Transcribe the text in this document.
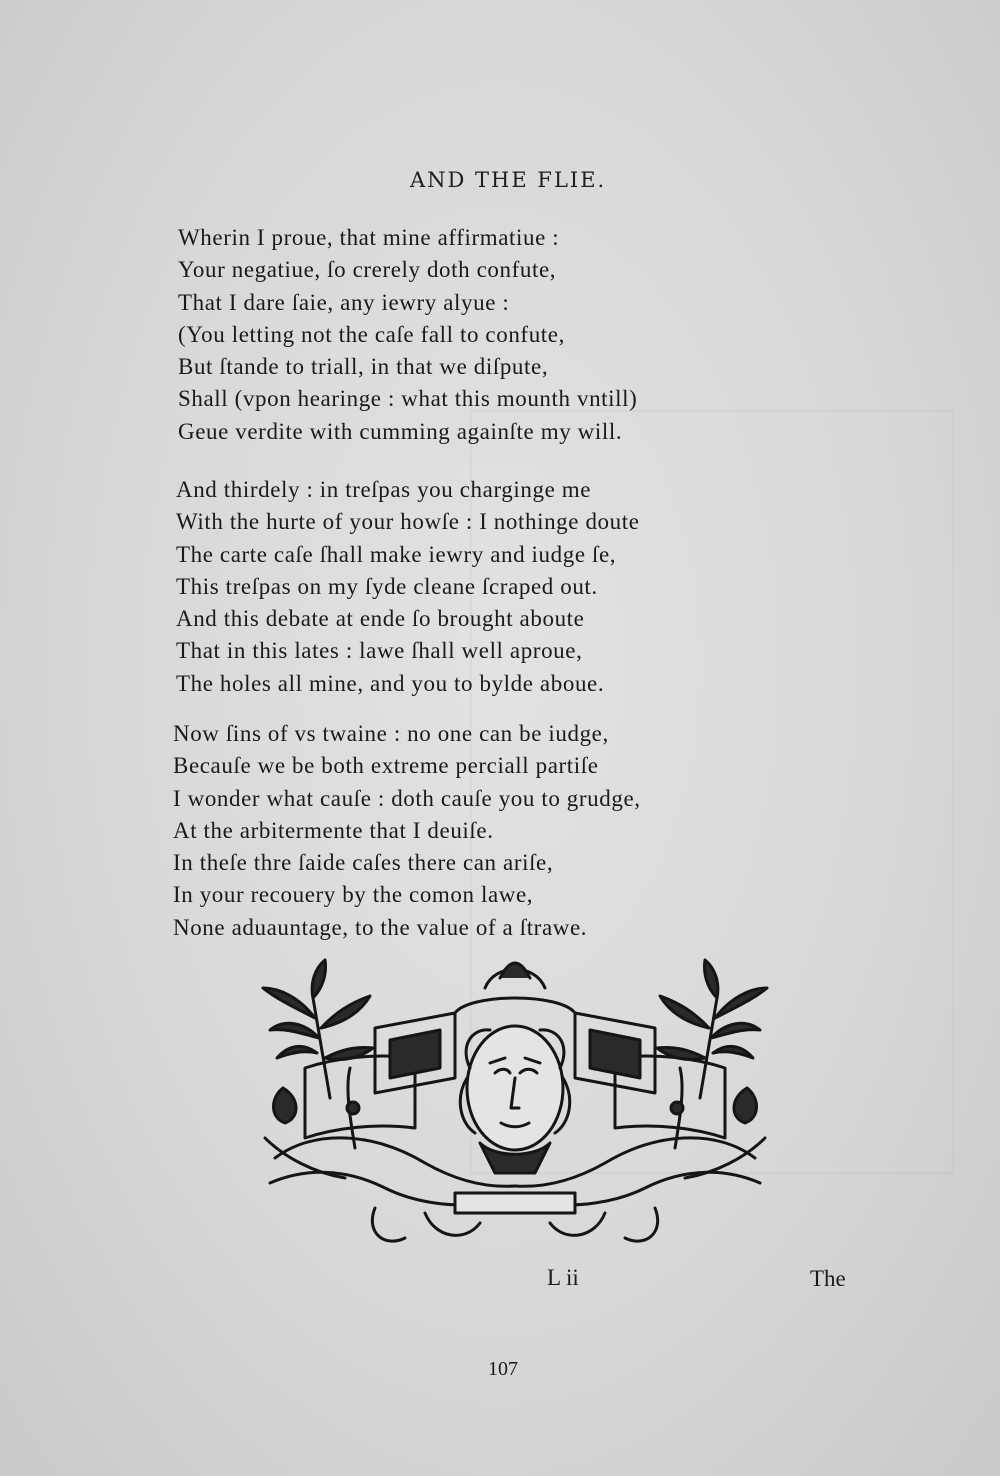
AND THE FLIE.
Wherin I proue, that mine affirmatiue :
Your negatiue, ſo crerely doth confute,
That I dare ſaie, any iewry alyue :
(You letting not the caſe fall to confute,
But ſtande to triall, in that we diſpute,
Shall (vpon hearinge : what this mounth vntill)
Geue verdite with cumming againſte my will.
And thirdely : in treſpas you charginge me
With the hurte of your howſe : I nothinge doute
The carte caſe ſhall make iewry and iudge ſe,
This treſpas on my ſyde cleane ſcraped out.
And this debate at ende ſo brought aboute
That in this lates : lawe ſhall well aproue,
The holes all mine, and you to bylde aboue.
Now ſins of vs twaine : no one can be iudge,
Becauſe we be both extreme perciall partiſe
I wonder what cauſe : doth cauſe you to grudge,
At the arbitermente that I deuiſe.
In theſe thre ſaide caſes there can ariſe,
In your recouery by the comon lawe,
None aduauntage, to the value of a ſtrawe.
L ii	The
107
